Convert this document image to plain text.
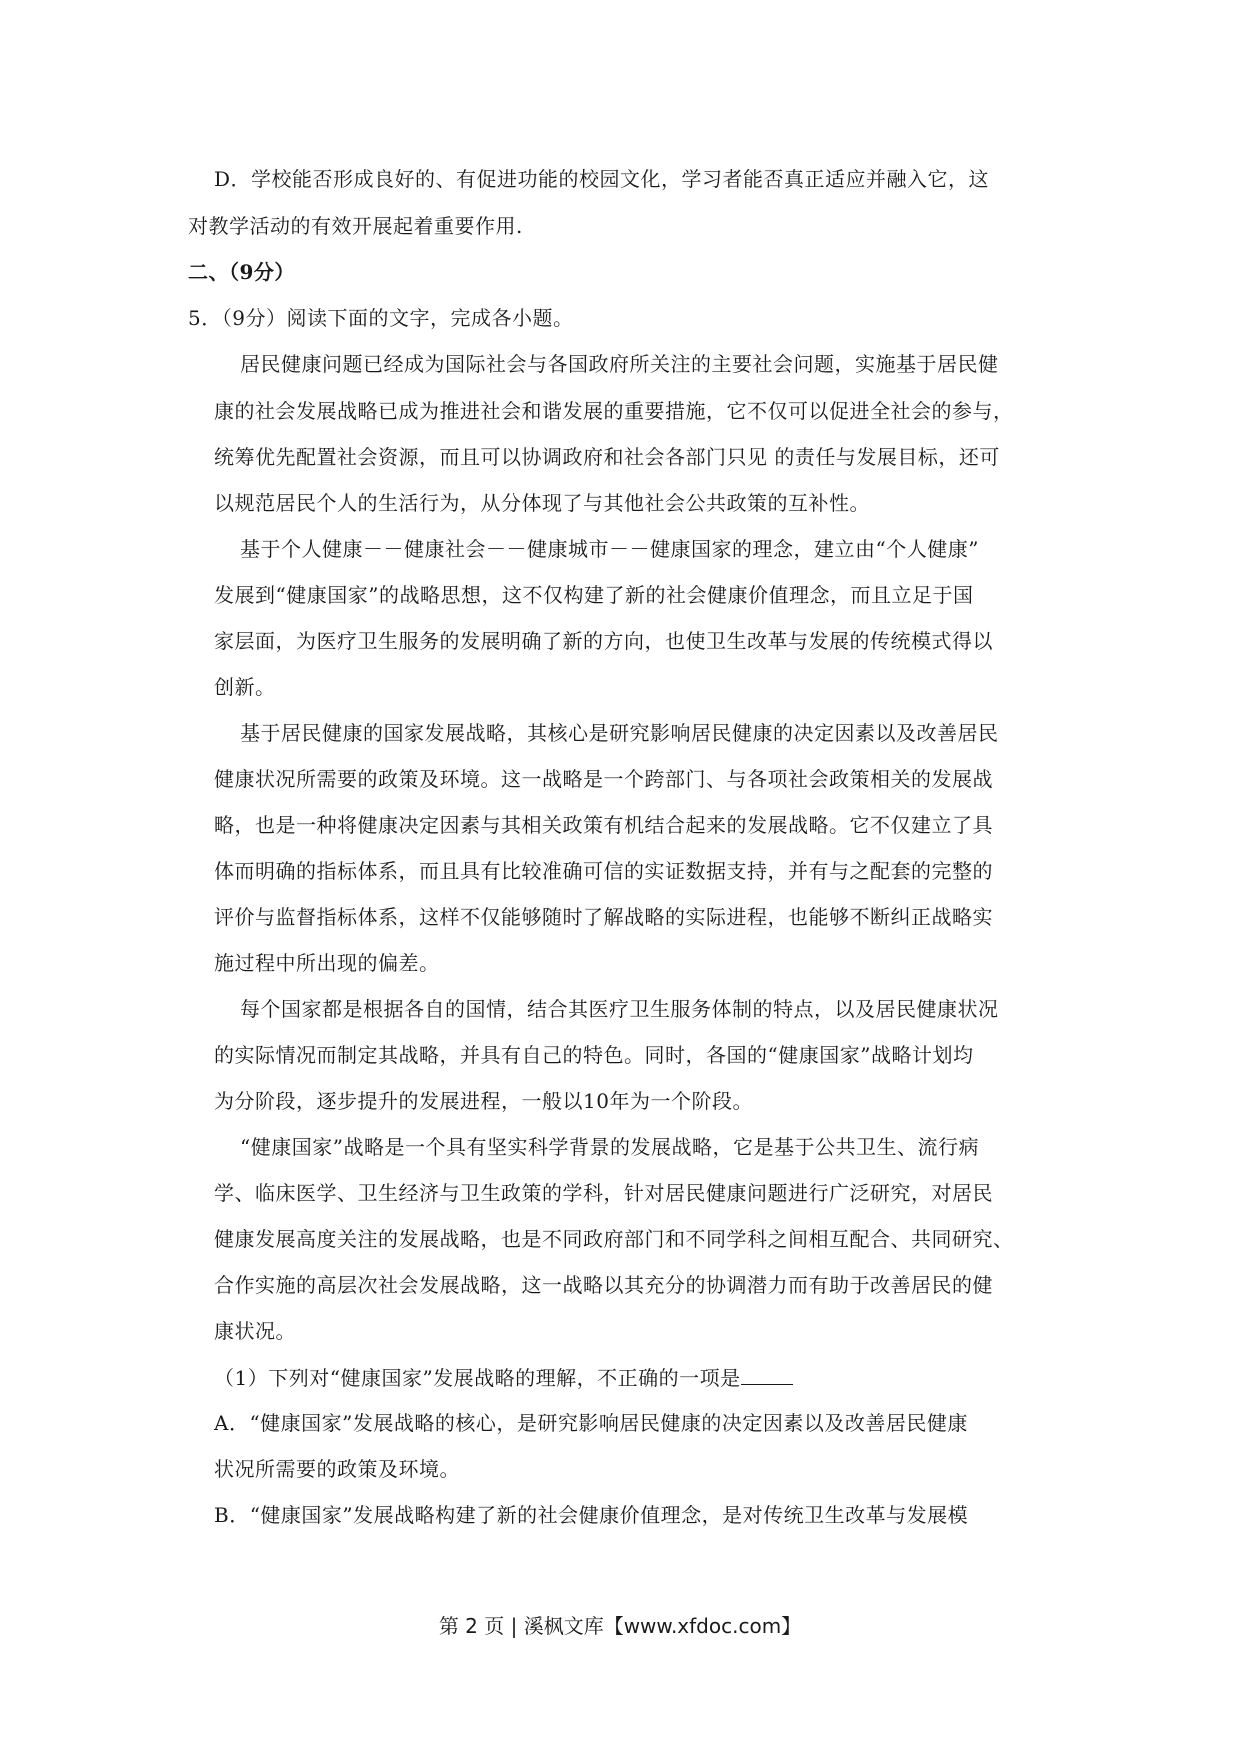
D．学校能否形成良好的、有促进功能的校园文化，学习者能否真正适应并融入它，这
对教学活动的有效开展起着重要作用.
二、（9分）
5．（9分）阅读下面的文字，完成各小题。
居民健康问题已经成为国际社会与各国政府所关注的主要社会问题，实施基于居民健
康的社会发展战略已成为推进社会和谐发展的重要措施，它不仅可以促进全社会的参与，
统筹优先配置社会资源，而且可以协调政府和社会各部门只见 的责任与发展目标，还可
以规范居民个人的生活行为，从分体现了与其他社会公共政策的互补性。
基于个人健康－－健康社会－－健康城市－－健康国家的理念，建立由“个人健康”
发展到“健康国家”的战略思想，这不仅构建了新的社会健康价值理念，而且立足于国
家层面，为医疗卫生服务的发展明确了新的方向，也使卫生改革与发展的传统模式得以
创新。
基于居民健康的国家发展战略，其核心是研究影响居民健康的决定因素以及改善居民
健康状况所需要的政策及环境。这一战略是一个跨部门、与各项社会政策相关的发展战
略，也是一种将健康决定因素与其相关政策有机结合起来的发展战略。它不仅建立了具
体而明确的指标体系，而且具有比较准确可信的实证数据支持，并有与之配套的完整的
评价与监督指标体系，这样不仅能够随时了解战略的实际进程，也能够不断纠正战略实
施过程中所出现的偏差。
每个国家都是根据各自的国情，结合其医疗卫生服务体制的特点，以及居民健康状况
的实际情况而制定其战略，并具有自己的特色。同时，各国的“健康国家”战略计划均
为分阶段，逐步提升的发展进程，一般以10年为一个阶段。
“健康国家”战略是一个具有坚实科学背景的发展战略，它是基于公共卫生、流行病
学、临床医学、卫生经济与卫生政策的学科，针对居民健康问题进行广泛研究，对居民
健康发展高度关注的发展战略，也是不同政府部门和不同学科之间相互配合、共同研究、
合作实施的高层次社会发展战略，这一战略以其充分的协调潜力而有助于改善居民的健
康状况。
（1）下列对“健康国家”发展战略的理解，不正确的一项是
A．“健康国家”发展战略的核心，是研究影响居民健康的决定因素以及改善居民健康
状况所需要的政策及环境。
B．“健康国家”发展战略构建了新的社会健康价值理念，是对传统卫生改革与发展模
第 2 页 | 溪枫文库【www.xfdoc.com】
